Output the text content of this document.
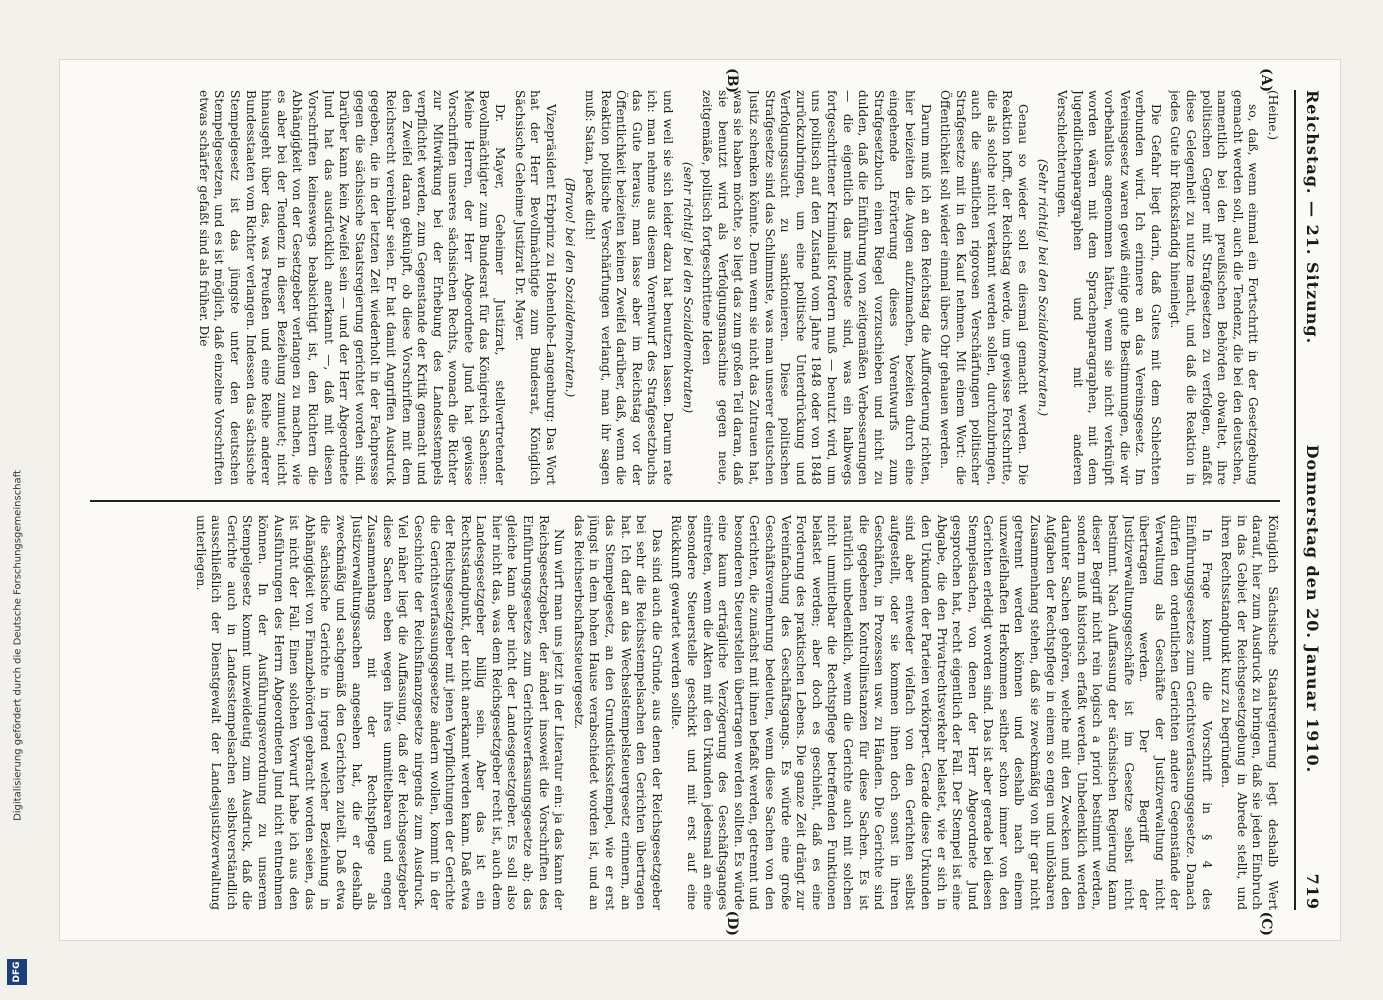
Reichstag. — 21. Sitzung.
Donnerstag den 20. Januar 1910.
719

(Heine.)

so, daß, wenn einmal ein Fortschritt in der Gesetzgebung gemacht werden soll, auch die Tendenz, die bei den deutschen, namentlich bei den preußischen Behörden obwaltet, ihre politischen Gegner mit Strafgesetzen zu verfolgen, anfaßt diese Gelegenheit zu nutze macht, und daß die Reaktion in jedes Gute ihr Rückständig hineinlegt.

Die Gefahr liegt darin, daß Gutes mit dem Schlechten verbunden wird. Ich erinnere an das Vereinsgesetz. Im Vereinsgesetz waren gewiß einige gute Bestimmungen, die wir vorbehaltlos angenommen hätten, wenn sie nicht verknüpft worden wären mit dem Sprachenparagraphen, mit dem Jugendlichenparagraphen und mit anderen Verschlechterungen.

(Sehr richtig! bei den Sozialdemokraten.)

Genau so wieder soll es diesmal gemacht werden. Die Reaktion hofft, der Reichstag werde, um gewisse Fortschritte, die als solche nicht verkannt werden sollen, durchzubringen, auch die sämtlichen rigorosen Verschärfungen politischer Strafgesetze mit in den Kauf nehmen. Mit einem Wort: die Öffentlichkeit soll wieder einmal übers Ohr gehauen werden.

Darum muß ich an den Reichstag die Aufforderung richten, hier beizeiten die Augen aufzumachen, bezeiten durch eine eingehende Erörterung dieses Vorentwurfs zum Strafgesetzbuch einen Riegel vorzuschieben und nicht zu dulden, daß die Einführung von zeitgemäßen Verbesserungen — die eigentlich das mindeste sind, was ein halbwegs fortgeschrittener Kriminalist fordern muß — benutzt wird, um uns politisch auf den Zustand vom Jahre 1848 oder von 1848 zurückzubringen, um eine politische Unterdrückung und Verfolgungssucht zu sanktionieren. Diese politischen Strafgesetze sind das Schlimmste, was man unserer deutschen Justiz schenken könnte. Denn wenn sie nicht das Zutrauen hat, was sie haben möchte, so liegt das zum großen Teil daran, daß sie benutzt wird als Verfolgungsmaschine gegen neue, zeitgemäße, politisch fortgeschrittene Ideen

(sehr richtig! bei den Sozialdemokraten)

und weil sie sich leider dazu hat benutzen lassen. Darum rate ich: man nehme aus diesem Vorentwurf des Strafgesetzbuchs das Gute heraus; man lasse aber im Reichstag vor der Öffentlichkeit beizeiten keinen Zweifel darüber, daß, wenn die Reaktion politische Verschärfungen verlangt, man ihr sagen muß: Satan, packe dich!

(Bravo! bei den Sozialdemokraten.)

Vizepräsident Erbprinz zu Hohenlohe-Langenburg: Das Wort hat der Herr Bevollmächtigte zum Bundesrat, Königlich Sächsische Geheime Justizrat Dr. Mayer.

Dr. Mayer, Geheimer Justizrat, stellvertretender Bevollmächtigter zum Bundesrat für das Königreich Sachsen: Meine Herren, der Herr Abgeordnete Jund hat gewisse Vorschriften unseres sächsischen Rechts, wonach die Richter zur Mitwirkung bei der Erhebung des Landesstempels verpflichtet werden, zum Gegenstande der Kritik gemacht und den Zweifel daran geknüpft, ob diese Vorschriften mit dem Reichsrecht vereinbar seien. Er hat damit Angriffen Ausdruck gegeben, die in der letzten Zeit wiederholt in der Fachpresse gegen die sächsische Staatsregierung gerichtet worden sind. Darüber kann kein Zweifel sein — und der Herr Abgeordnete Jund hat das ausdrücklich anerkannt —, daß mit diesen Vorschriften keineswegs beabsichtigt ist, den Richtern die Abhängigkeit von der Gesetzgeber verlangen zu machen, wie es aber bei der Tendenz in dieser Beziehung zumutet; nicht hinausgeht über das, was Preußen und eine Reihe anderer Bundesstaaten vom Richter verlangen. Indessen das sächsische Stempelgesetz ist das jüngste unter den deutschen Stempelgesetzen, und es ist möglich, daß einzelne Vorschriften etwas schärfer gefaßt sind als früher. Die

Königlich Sächsische Staatsregierung legt deshalb Wert darauf, hier zum Ausdruck zu bringen, daß sie jeden Einbruch in das Gebiet der Reichsgesetzgebung in Abrede stellt, und ihren Rechtsstandpunkt kurz zu begründen.

In Frage kommt die Vorschrift in § 4 des Einführungsgesetzes zum Gerichtsverfassungsgesetze. Danach dürfen den ordentlichen Gerichten andere Gegenstände der Verwaltung als Geschäfte der Justizverwaltung nicht übertragen werden. Der Begriff der Justizverwaltungsgeschäfte ist im Gesetze selbst nicht bestimmt. Nach Auffassung der sächsischen Regierung kann dieser Begriff nicht rein logisch a priori bestimmt werden, sondern muß historisch erfaßt werden. Unbedenklich werden darunter Sachen gehören, welche mit den Zwecken und den Aufgaben der Rechtspflege in einem so engen und unlösbaren Zusammenhang stehen, daß sie zweckmäßig von ihr gar nicht getrennt werden können und deshalb nach einem unzweifelhaften Herkommen seither schon immer von den Gerichten erledigt worden sind. Das ist aber gerade bei diesen Stempelsachen, von denen der Herr Abgeordnete Jund gesprochen hat, recht eigentlich der Fall. Der Stempel ist eine Abgabe, die den Privatrechtsverkehr belastet, wie er sich in den Urkunden der Parteien verkörpert. Gerade diese Urkunden sind aber entweder vielfach von den Gerichten selbst aufgestellt, oder sie kommen ihnen doch sonst in ihren Geschäften, in Prozessen usw. zu Händen. Die Gerichte sind die gegebenen Kontrollinstanzen für diese Sachen. Es ist natürlich unbedenklich, wenn die Gerichte auch mit solchen nicht unmittelbar die Rechtspflege betreffenden Funktionen belastet werden; aber doch es geschieht, daß es eine Forderung des praktischen Lebens. Die ganze Zeit drängt zur Vereinfachung des Geschäftsgangs. Es würde eine große Geschäftsvermehrung bedeuten, wenn diese Sachen von den Gerichten, die zunächst mit ihnen befaßt werden, getrennt und besonderen Steuerstellen übertragen werden sollten. Es würde eine kaum erträgliche Verzögerung des Geschäftsganges eintreten, wenn die Akten mit den Urkunden jedesmal an eine besondere Steuerstelle geschickt und mit erst auf eine Rückkunft gewartet werden sollte.

Das sind auch die Gründe, aus denen der Reichsgesetzgeber bei sehr die Reichsstempelsachen den Gerichten übertragen hat. Ich darf an das Wechselstempelsteuergesetz erinnern, an das Stempelgesetz, an den Grundstücksstempel, wie er erst jüngst in dem hohen Hause verabschiedet worden ist, und an das Reichserbschaftssteuergesetz.

Nun wirft man uns jetzt in der Literatur ein: ja das kann der Reichsgesetzgeber, der ändert insoweit die Vorschriften des Einführungsgesetzes zum Gerichtsverfassungsgesetze ab; das gleiche kann aber nicht der Landesgesetzgeber. Es soll also hier nicht das, was dem Reichsgesetzgeber recht ist, auch dem Landesgesetzgeber billig sein. Aber das ist ein Rechtsstandpunkt, der nicht anerkannt werden kann. Daß etwa der Reichsgesetzgeber mit jenen Verpflichtungen der Gerichte die Gerichtsverfassungsgesetze ändern wollen, kommt in der Geschichte der Reichsfinanzgesetze nirgends zum Ausdruck. Viel näher liegt die Auffassung, daß der Reichsgesetzgeber diese Sachen eben wegen ihres unmittelbaren und engen Zusammenhangs mit der Rechtspflege als Justizverwaltungssachen angesehen hat, die er deshalb zweckmäßig und sachgemäß den Gerichten zuteilt. Daß etwa die sächsische Gerichte in irgend welcher Beziehung in Abhängigkeit von Finanzbehörden gebracht worden seien, das ist nicht der Fall. Einen solchen Vorwurf habe ich aus den Ausführungen des Herrn Abgeordneten Jund nicht entnehmen können. In der Ausführungsverordnung zu unserem Stempelgesetz kommt unzweideutig zum Ausdruck, daß die Gerichte auch in Landesstempelsachen selbstverständlich ausschließlich der Dienstgewalt der Landesjustizverwaltung unterliegen.

(A)
(B)
(C)
(D)
Digitalisierung gefördert durch die Deutsche Forschungsgemeinschaft
DFG
